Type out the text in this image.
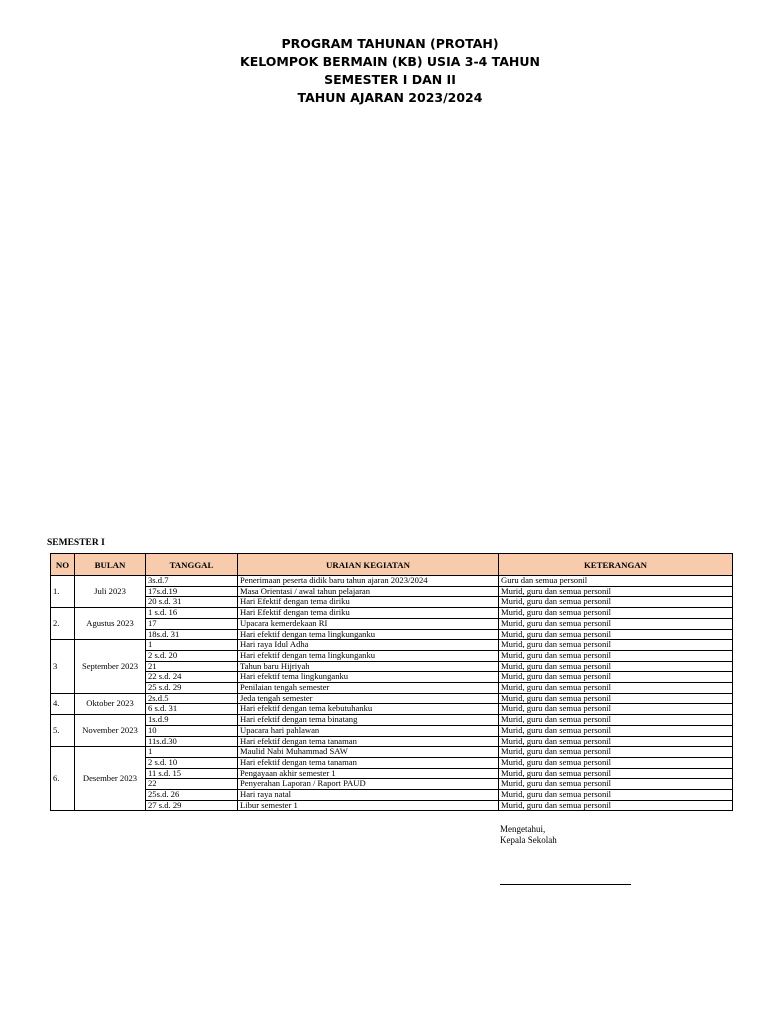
PROGRAM TAHUNAN (PROTAH)
KELOMPOK BERMAIN (KB) USIA 3-4 TAHUN
SEMESTER I DAN II
TAHUN AJARAN 2023/2024
SEMESTER I
NO	BULAN	TANGGAL	URAIAN KEGIATAN	KETERANGAN
1.	Juli 2023	3s.d.7	Penerimaan peserta didik baru tahun ajaran 2023/2024	Guru dan semua personil
		17s.d.19	Masa Orientasi / awal tahun pelajaran	Murid, guru dan semua personil
		20 s.d. 31	Hari Efektif dengan tema diriku	Murid, guru dan semua personil
2.	Agustus 2023	1 s.d. 16	Hari Efektif dengan tema diriku	Murid, guru dan semua personil
		17	Upacara kemerdekaan RI	Murid, guru dan semua personil
		18s.d. 31	Hari efektif dengan tema lingkunganku	Murid, guru dan semua personil
3	September 2023	1	Hari raya Idul Adha	Murid, guru dan semua personil
		2 s.d. 20	Hari efektif dengan tema lingkunganku	Murid, guru dan semua personil
		21	Tahun baru Hijriyah	Murid, guru dan semua personil
		22 s.d. 24	Hari efektif tema lingkunganku	Murid, guru dan semua personil
		25 s.d. 29	Penilaian tengah semester	Murid, guru dan semua personil
4.	Oktober 2023	2s.d.5	Jeda tengah semester	Murid, guru dan semua personil
		6 s.d. 31	Hari efektif dengan tema kebutuhanku	Murid, guru dan semua personil
5.	November 2023	1s.d.9	Hari efektif dengan tema binatang	Murid, guru dan semua personil
		10	Upacara hari pahlawan	Murid, guru dan semua personil
		11s.d.30	Hari efektif dengan tema tanaman	Murid, guru dan semua personil
6.	Desember 2023	1	Maulid Nabi Muhammad SAW	Murid, guru dan semua personil
		2 s.d. 10	Hari efektif dengan tema tanaman	Murid, guru dan semua personil
		11 s.d. 15	Pengayaan akhir semester 1	Murid, guru dan semua personil
		22	Penyerahan Laporan / Raport PAUD	Murid, guru dan semua personil
		25s.d. 26	Hari raya natal	Murid, guru dan semua personil
		27 s.d. 29	Libur semester 1	Murid, guru dan semua personil
Mengetahui,
Kepala Sekolah
